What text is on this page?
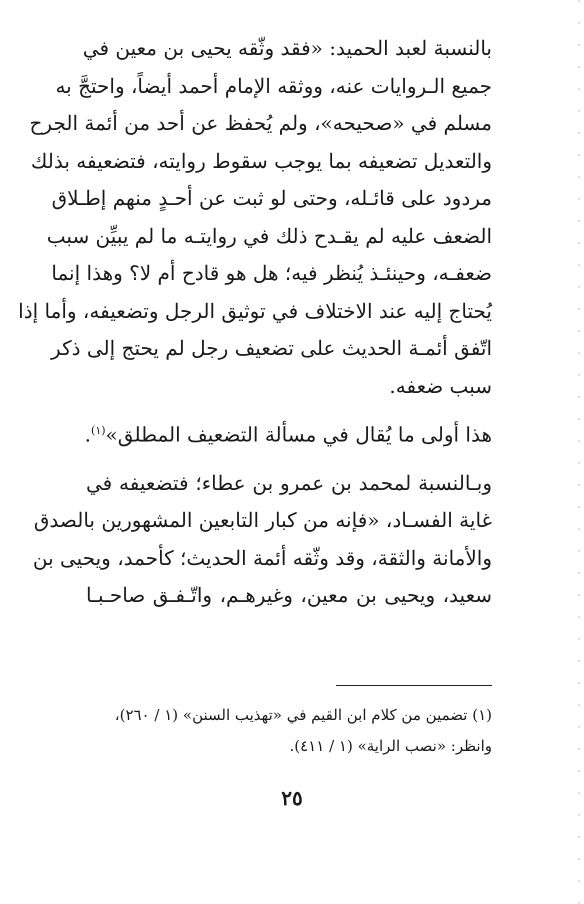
بالنسبة لعبد الحميد: «فقد وثّقه يحيى بن معين في
جميع الـروايات عنه، ووثقه الإمام أحمد أيضاً، واحتجَّ به
مسلم في «صحيحه»، ولم يُحفظ عن أحد من أئمة الجرح
والتعديل تضعيفه بما يوجب سقوط روايته، فتضعيفه بذلك
مردود على قائـله، وحتى لو ثبت عن أحـدٍ منهم إطـلاق
الضعف عليه لم يقـدح ذلك في روايتـه ما لم يبيِّن سبب
ضعفـه، وحينئـذ يُنظر فيه؛ هل هو قادح أم لا؟ وهذا إنما
يُحتاج إليه عند الاختلاف في توثيق الرجل وتضعيفه، وأما إذا
اتّفق أئمـة الحديث على تضعيف رجل لم يحتج إلى ذكر
سبب ضعفه.
هذا أولى ما يُقال في مسألة التضعيف المطلق»$^{(١)}$.
وبـالنسبة لمحمد بن عمرو بن عطاء؛ فتضعيفه في
غاية الفسـاد، «فإنه من كبار التابعين المشهورين بالصدق
والأمانة والثقة، وقد وثّقه أئمة الحديث؛ كأحمد، ويحيى بن
سعيد، ويحيى بن معين، وغيرهـم، واتّـفـق صاحـبـا
(١) تضمين من كلام ابن القيم في «تهذيب السنن» (١ / ٢٦٠)،
وانظر: «نصب الراية» (١ / ٤١١).
٢٥
